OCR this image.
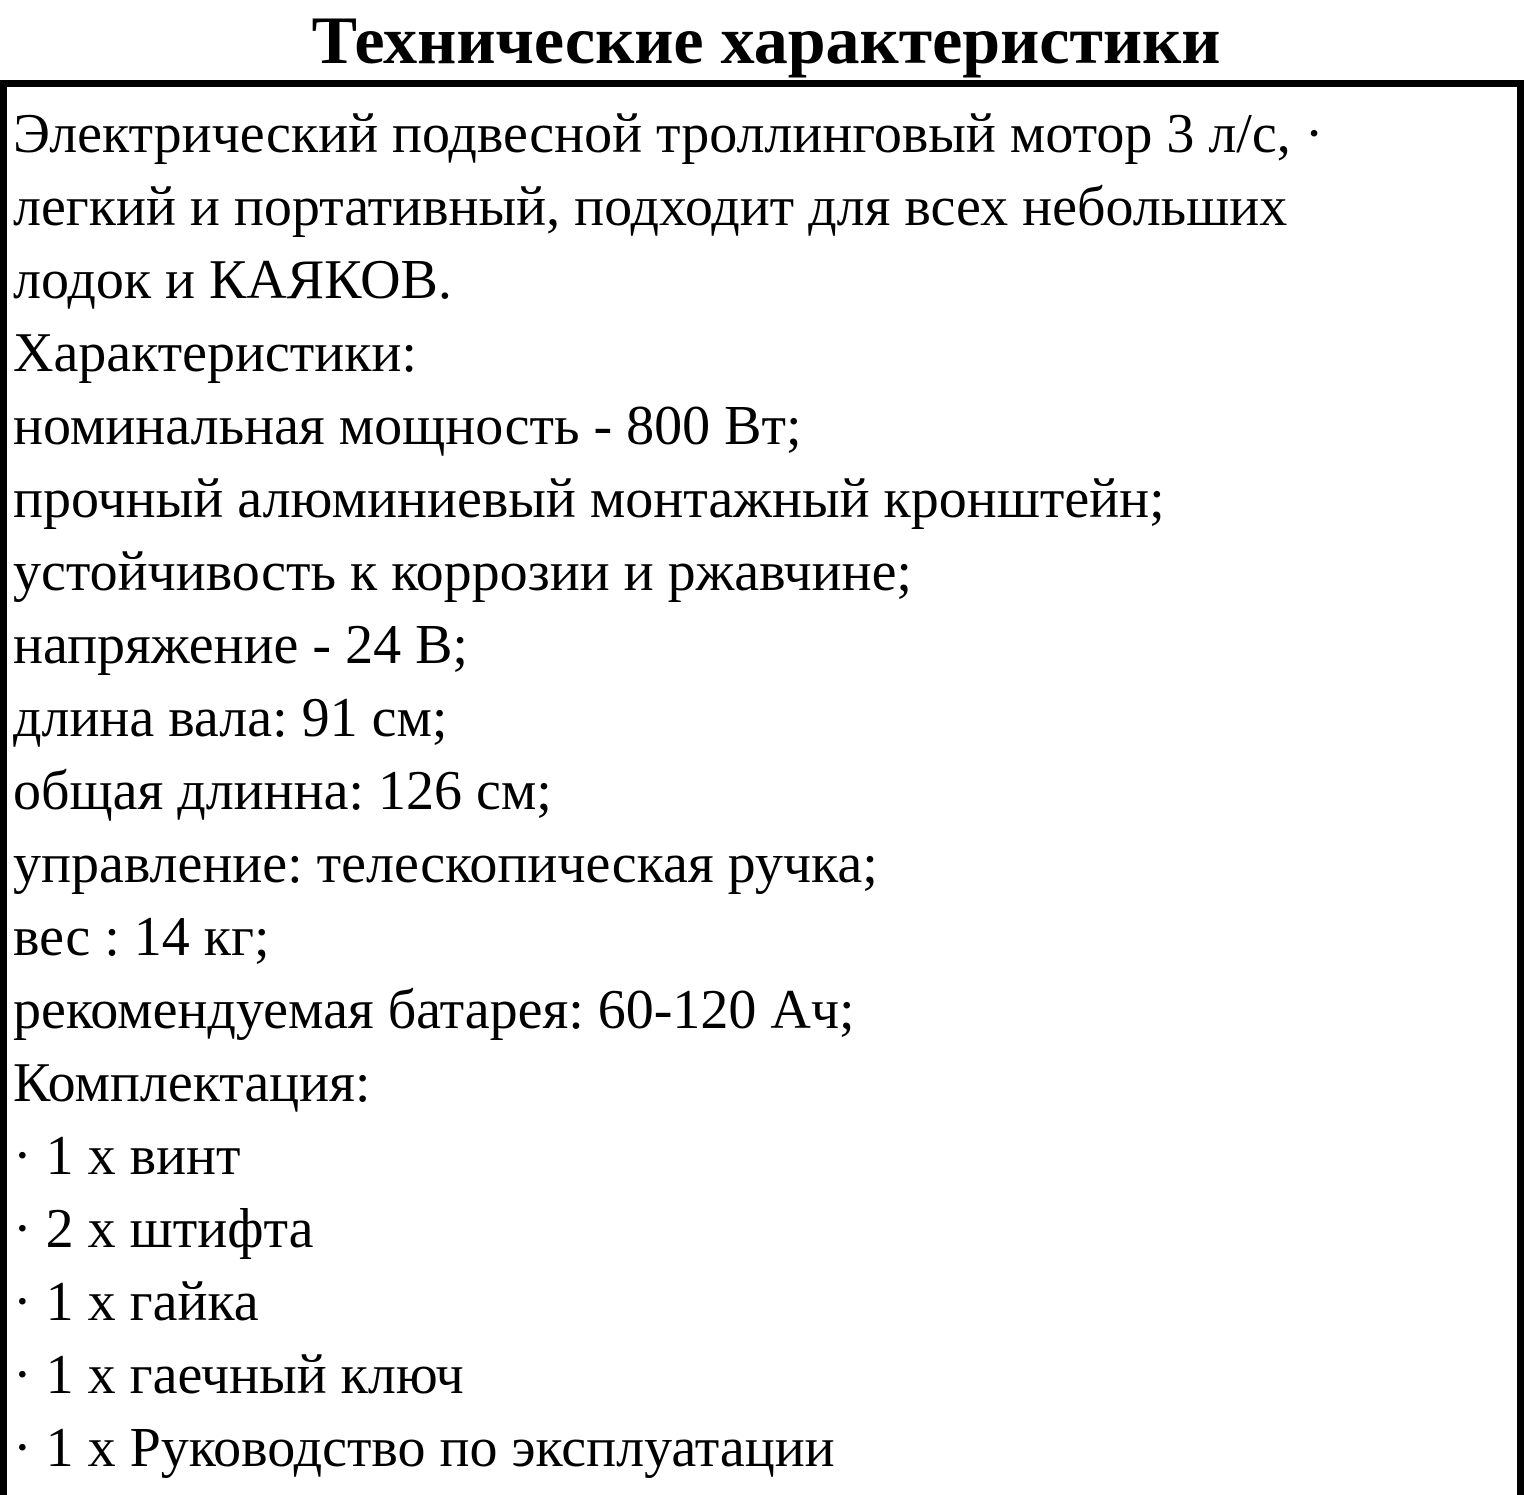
Технические характеристики
Электрический подвесной троллинговый мотор 3 л/с, ·
легкий и портативный, подходит для всех небольших
лодок и КАЯКОВ.
Характеристики:
номинальная мощность - 800 Вт;
прочный алюминиевый монтажный кронштейн;
устойчивость к коррозии и ржавчине;
напряжение - 24 В;
длина вала: 91 см;
общая длинна: 126 см;
управление: телескопическая ручка;
вес : 14 кг;
рекомендуемая батарея: 60-120 Ач;
Комплектация:
· 1 х винт
· 2 х штифта
· 1 х гайка
· 1 х гаечный ключ
· 1 х Руководство по эксплуатации
